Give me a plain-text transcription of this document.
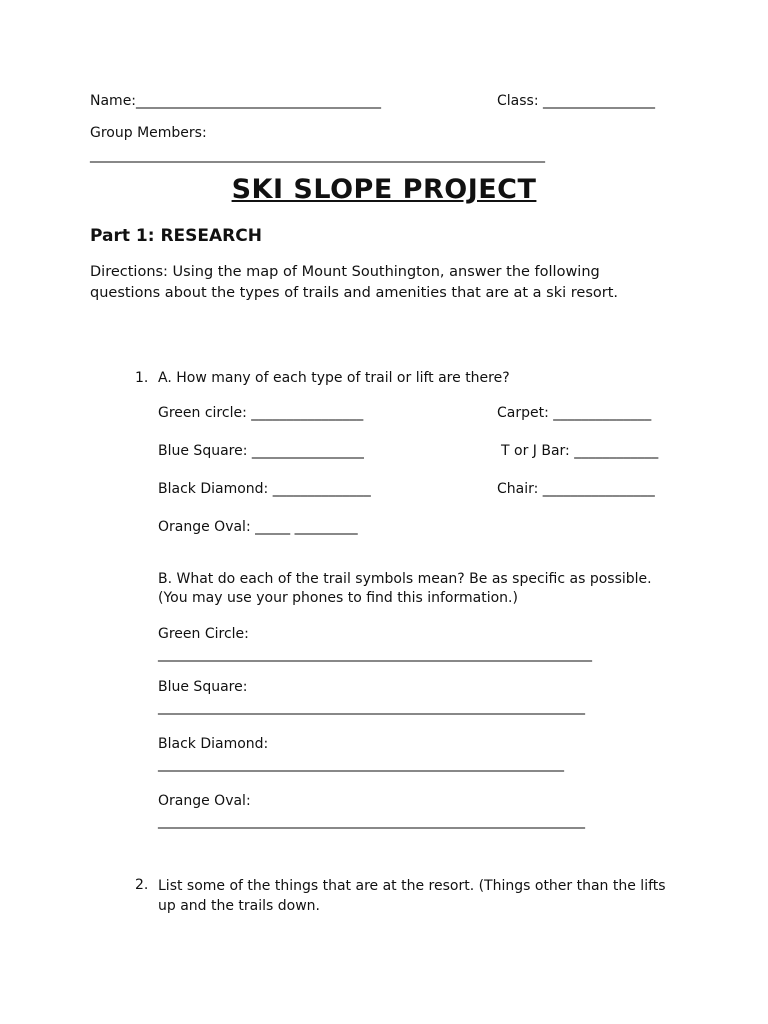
Name:___________________________________	Class: ________________
Group Members:
_________________________________________________________________
SKI SLOPE PROJECT
Part 1: RESEARCH
Directions: Using the map of Mount Southington, answer the following questions about the types of trails and amenities that are at a ski resort.
1. A. How many of each type of trail or lift are there?
Green circle: ________________
Blue Square: ________________
Black Diamond: ______________
Orange Oval: _____ _________
Carpet: ______________
T or J Bar: ____________
Chair: ________________
B. What do each of the trail symbols mean? Be as specific as possible.
(You may use your phones to find this information.)
Green Circle:
______________________________________________________________
Blue Square:
_____________________________________________________________
Black Diamond:
__________________________________________________________
Orange Oval:
_____________________________________________________________
2. List some of the things that are at the resort. (Things other than the lifts up and the trails down.
